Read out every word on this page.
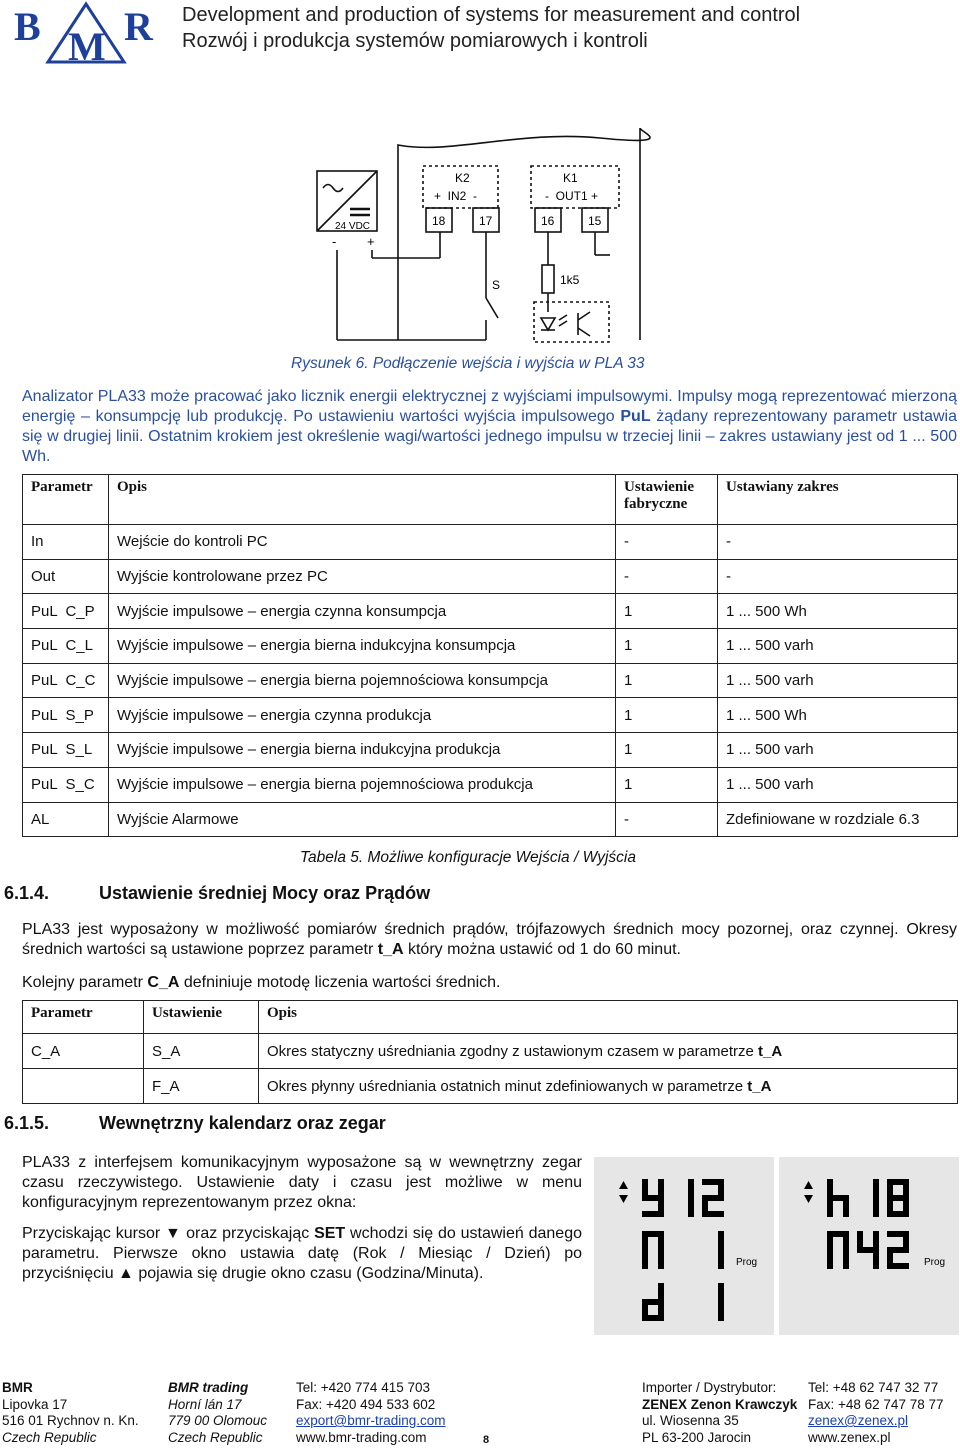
B M R Development and production of systems for measurement and control
Rozwój i produkcja systemów pomiarowych i kontroli
24 VDC
- +
K2
+  IN2  -
K1
-  OUT1 +
18	17	16	15
S	1k5
Rysunek 6. Podłączenie wejścia i wyjścia w PLA 33
Analizator PLA33 może pracować jako licznik energii elektrycznej z wyjściami impulsowymi. Impulsy mogą reprezentować mierzoną energię – konsumpcję lub produkcję. Po ustawieniu wartości wyjścia impulsowego PuL żądany reprezentowany parametr ustawia się w drugiej linii. Ostatnim krokiem jest określenie wagi/wartości jednego impulsu w trzeciej linii – zakres ustawiany jest od 1 ... 500 Wh.
Parametr	Opis	Ustawienie fabryczne	Ustawiany zakres
In	Wejście do kontroli PC	-	-
Out	Wyjście kontrolowane przez PC	-	-
PuL  C_P	Wyjście impulsowe – energia czynna konsumpcja	1	1 ... 500 Wh
PuL  C_L	Wyjście impulsowe – energia bierna indukcyjna konsumpcja	1	1 ... 500 varh
PuL  C_C	Wyjście impulsowe – energia bierna pojemnościowa konsumpcja	1	1 ... 500 varh
PuL  S_P	Wyjście impulsowe – energia czynna produkcja	1	1 ... 500 Wh
PuL  S_L	Wyjście impulsowe – energia bierna indukcyjna produkcja	1	1 ... 500 varh
PuL  S_C	Wyjście impulsowe – energia bierna pojemnościowa produkcja	1	1 ... 500 varh
AL	Wyjście Alarmowe	-	Zdefiniowane w rozdziale 6.3
Tabela 5. Możliwe konfiguracje Wejścia / Wyjścia
6.1.4.	Ustawienie średniej Mocy oraz Prądów
PLA33 jest wyposażony w możliwość pomiarów średnich prądów, trójfazowych średnich mocy pozornej, oraz czynnej. Okresy średnich wartości są ustawione poprzez parametr t_A który można ustawić od 1 do 60 minut.
Kolejny parametr C_A defniniuje motodę liczenia wartości średnich.
Parametr	Ustawienie	Opis
C_A	S_A	Okres statyczny uśredniania zgodny z ustawionym czasem w parametrze t_A
	F_A	Okres płynny uśredniania ostatnich minut zdefiniowanych w parametrze t_A
6.1.5.	Wewnętrzny kalendarz oraz zegar
PLA33 z interfejsem komunikacyjnym wyposażone są w wewnętrzny zegar czasu rzeczywistego. Ustawienie daty i czasu jest możliwe w menu konfiguracyjnym reprezentowanym przez okna:
Przyciskając kursor ▼ oraz przyciskając SET wchodzi się do ustawień danego parametru. Pierwsze okno ustawia datę (Rok / Miesiąc / Dzień) po przyciśnięciu ▲ pojawia się drugie okno czasu (Godzina/Minuta).
Prog	Prog
BMR
Lipovka 17
516 01 Rychnov n. Kn.
Czech Republic
BMR trading
Horní lán 17
779 00 Olomouc
Czech Republic
Tel: +420 774 415 703
Fax: +420 494 533 602
export@bmr-trading.com
www.bmr-trading.com	8
Importer / Dystrybutor:
ZENEX Zenon Krawczyk
ul. Wiosenna 35
PL 63-200 Jarocin
Tel: +48 62 747 32 77
Fax: +48 62 747 78 77
zenex@zenex.pl
www.zenex.pl
